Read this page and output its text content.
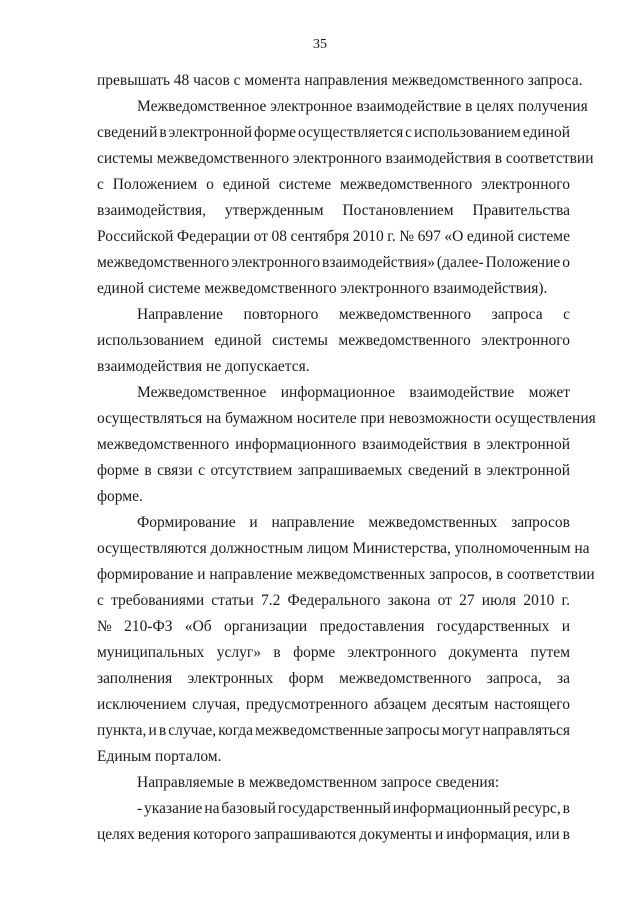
35
превышать 48 часов с момента направления межведомственного запроса.
Межведомственное электронное взаимодействие в целях получения
сведений в электронной форме осуществляется с использованием единой
системы межведомственного электронного взаимодействия в соответствии
с Положением о единой системе межведомственного электронного
взаимодействия, утвержденным Постановлением Правительства
Российской Федерации от 08 сентября 2010 г. № 697 «О единой системе
межведомственного электронного взаимодействия» (далее- Положение о
единой системе межведомственного электронного взаимодействия).
Направление повторного межведомственного запроса с
использованием единой системы межведомственного электронного
взаимодействия не допускается.
Межведомственное информационное взаимодействие может
осуществляться на бумажном носителе при невозможности осуществления
межведомственного информационного взаимодействия в электронной
форме в связи с отсутствием запрашиваемых сведений в электронной
форме.
Формирование и направление межведомственных запросов
осуществляются должностным лицом Министерства, уполномоченным на
формирование и направление межведомственных запросов, в соответствии
с требованиями статьи 7.2 Федерального закона от 27 июля 2010 г.
№ 210-ФЗ «Об организации предоставления государственных и
муниципальных услуг» в форме электронного документа путем
заполнения электронных форм межведомственного запроса, за
исключением случая, предусмотренного абзацем десятым настоящего
пункта, и в случае, когда межведомственные запросы могут направляться
Единым порталом.
Направляемые в межведомственном запросе сведения:
- указание на базовый государственный информационный ресурс, в
целях ведения которого запрашиваются документы и информация, или в
